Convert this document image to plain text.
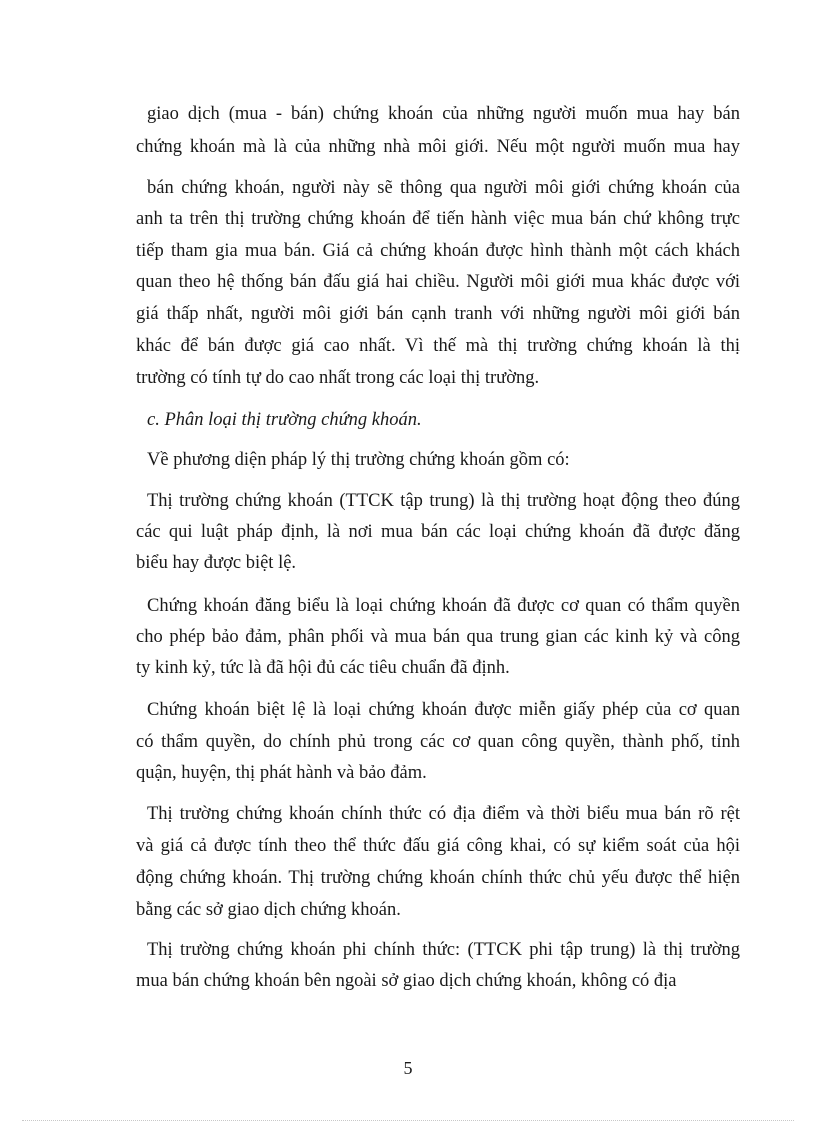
giao dịch (mua - bán) chứng khoán của những người muốn mua hay bán
chứng khoán mà là của những nhà môi giới. Nếu một người muốn mua hay
bán chứng khoán, người này sẽ thông qua người môi giới chứng khoán của
anh ta trên thị trường chứng khoán để tiến hành việc mua bán chứ không trực
tiếp tham gia mua bán. Giá cả chứng khoán được hình thành một cách khách
quan theo hệ thống bán đấu giá hai chiều. Người môi giới mua khác được với
giá thấp nhất, người môi giới bán cạnh tranh với những người môi giới bán
khác để bán được giá cao nhất. Vì thế mà thị trường chứng khoán là thị
trường có tính tự do cao nhất trong các loại thị trường.
c. Phân loại thị trường chứng khoán.
Về phương diện pháp lý thị trường chứng khoán gồm có:
Thị trường chứng khoán (TTCK tập trung) là thị trường hoạt động theo đúng
các qui luật pháp định, là nơi mua bán các loại chứng khoán đã được đăng
biểu hay được biệt lệ.
Chứng khoán đăng biểu là loại chứng khoán đã được cơ quan có thẩm quyền
cho phép bảo đảm, phân phối và mua bán qua trung gian các kinh kỷ và công
ty kinh kỷ, tức là đã hội đủ các tiêu chuẩn đã định.
Chứng khoán biệt lệ là loại chứng khoán được miễn giấy phép của cơ quan
có thẩm quyền, do chính phủ trong các cơ quan công quyền, thành phố, tỉnh
quận, huyện, thị phát hành và bảo đảm.
Thị trường chứng khoán chính thức có địa điểm và thời biểu mua bán rõ rệt
và giá cả được tính theo thể thức đấu giá công khai, có sự kiểm soát của hội
động chứng khoán. Thị trường chứng khoán chính thức chủ yếu được thể hiện
bằng các sở giao dịch chứng khoán.
Thị trường chứng khoán phi chính thức: (TTCK phi tập trung) là thị trường
mua bán chứng khoán bên ngoài sở giao dịch chứng khoán, không có địa
5
